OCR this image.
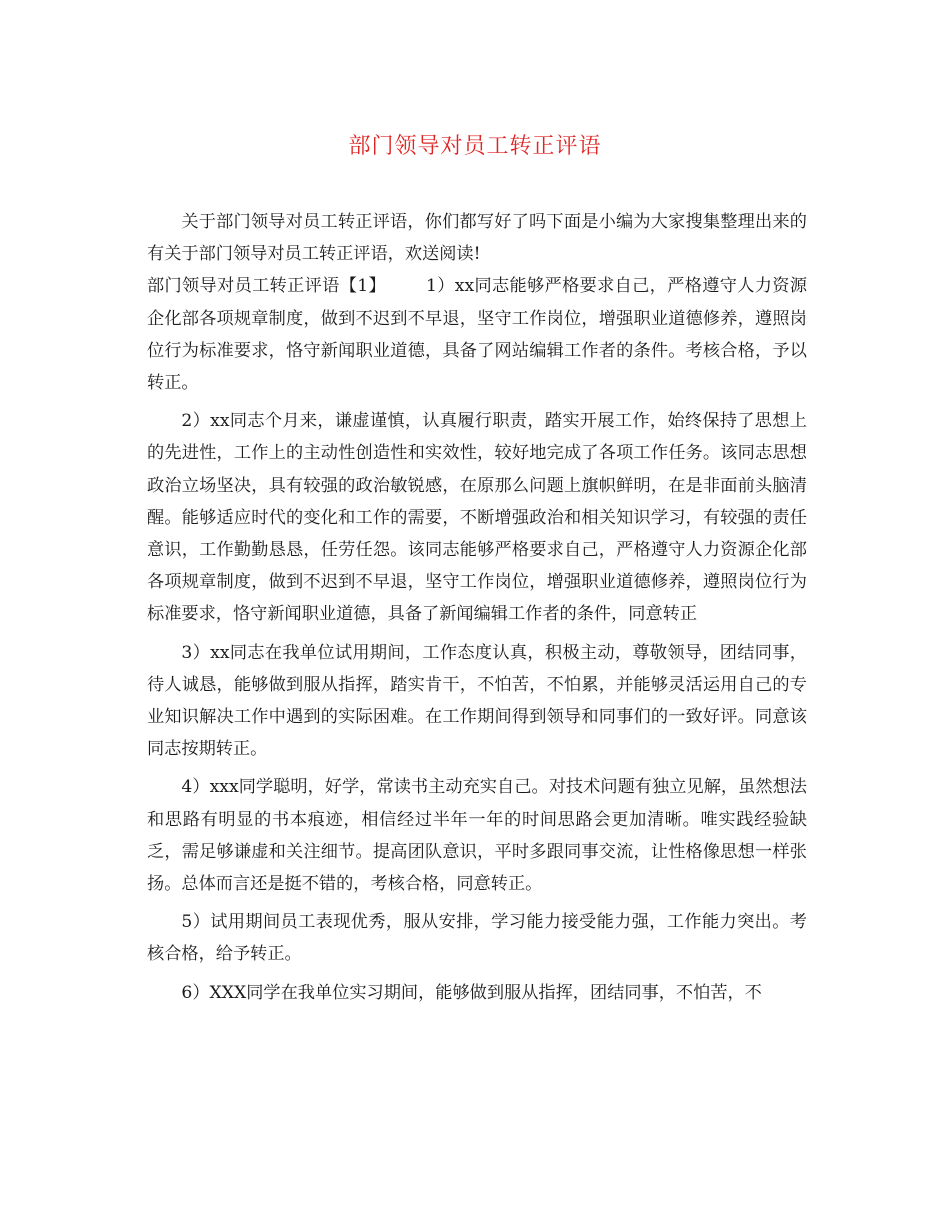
部门领导对员工转正评语

关于部门领导对员工转正评语，你们都写好了吗下面是小编为大家搜集整理出来的有关于部门领导对员工转正评语，欢送阅读!

部门领导对员工转正评语【1】 1）xx同志能够严格要求自己，严格遵守人力资源企化部各项规章制度，做到不迟到不早退，坚守工作岗位，增强职业道德修养，遵照岗位行为标准要求，恪守新闻职业道德，具备了网站编辑工作者的条件。考核合格，予以转正。

2）xx同志个月来，谦虚谨慎，认真履行职责，踏实开展工作，始终保持了思想上的先进性，工作上的主动性创造性和实效性，较好地完成了各项工作任务。该同志思想政治立场坚决，具有较强的政治敏锐感，在原那么问题上旗帜鲜明，在是非面前头脑清醒。能够适应时代的变化和工作的需要，不断增强政治和相关知识学习，有较强的责任意识，工作勤勤恳恳，任劳任怨。该同志能够严格要求自己，严格遵守人力资源企化部各项规章制度，做到不迟到不早退，坚守工作岗位，增强职业道德修养，遵照岗位行为标准要求，恪守新闻职业道德，具备了新闻编辑工作者的条件，同意转正

3）xx同志在我单位试用期间，工作态度认真，积极主动，尊敬领导，团结同事，待人诚恳，能够做到服从指挥，踏实肯干，不怕苦，不怕累，并能够灵活运用自己的专业知识解决工作中遇到的实际困难。在工作期间得到领导和同事们的一致好评。同意该同志按期转正。

4）xxx同学聪明，好学，常读书主动充实自己。对技术问题有独立见解，虽然想法和思路有明显的书本痕迹，相信经过半年一年的时间思路会更加清晰。唯实践经验缺乏，需足够谦虚和关注细节。提高团队意识，平时多跟同事交流，让性格像思想一样张扬。总体而言还是挺不错的，考核合格，同意转正。

5）试用期间员工表现优秀，服从安排，学习能力接受能力强，工作能力突出。考核合格，给予转正。

6）XXX同学在我单位实习期间，能够做到服从指挥，团结同事，不怕苦，不
